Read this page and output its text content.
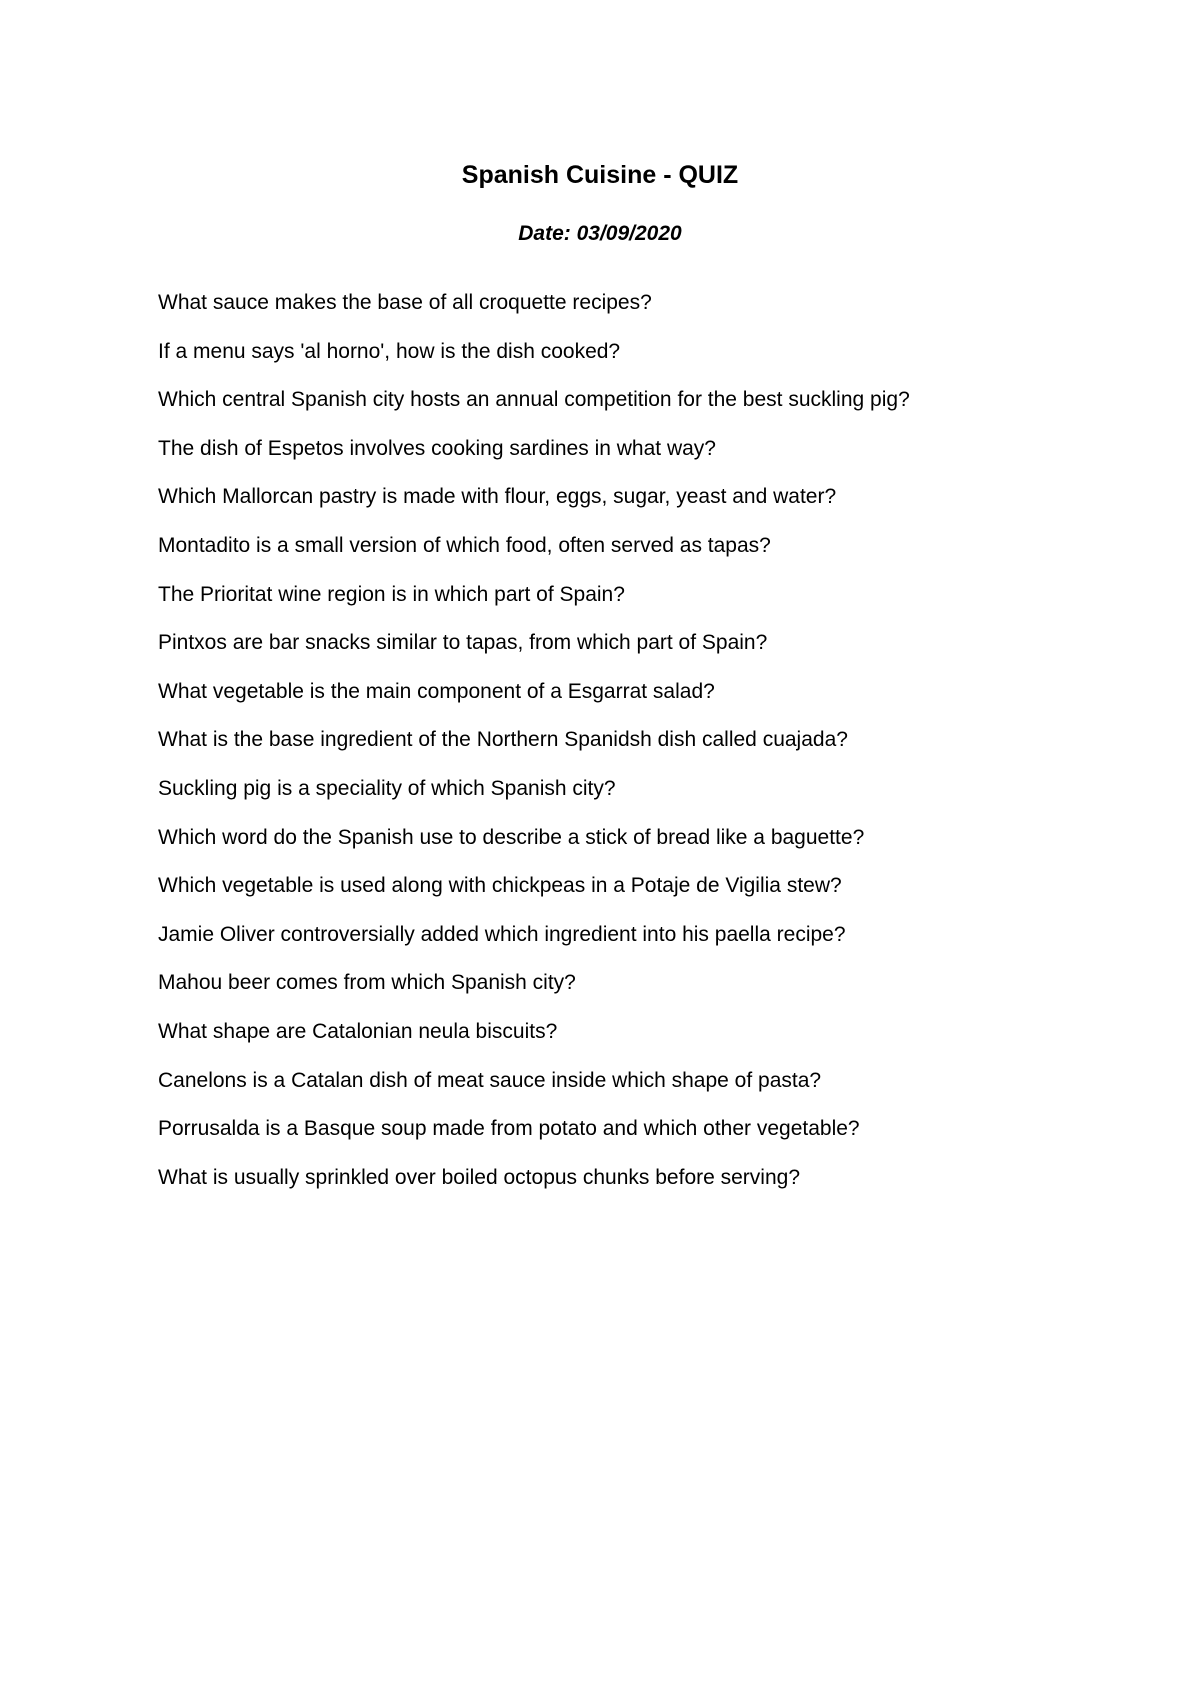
Spanish Cuisine - QUIZ
Date: 03/09/2020
What sauce makes the base of all croquette recipes?
If a menu says 'al horno', how is the dish cooked?
Which central Spanish city hosts an annual competition for the best suckling pig?
The dish of Espetos involves cooking sardines in what way?
Which Mallorcan pastry is made with flour, eggs, sugar, yeast and water?
Montadito is a small version of which food, often served as tapas?
The Prioritat wine region is in which part of Spain?
Pintxos are bar snacks similar to tapas, from which part of Spain?
What vegetable is the main component of a Esgarrat salad?
What is the base ingredient of the Northern Spanidsh dish called cuajada?
Suckling pig is a speciality of which Spanish city?
Which word do the Spanish use to describe a stick of bread like a baguette?
Which vegetable is used along with chickpeas in a Potaje de Vigilia stew?
Jamie Oliver controversially added which ingredient into his paella recipe?
Mahou beer comes from which Spanish city?
What shape are Catalonian neula biscuits?
Canelons is a Catalan dish of meat sauce inside which shape of pasta?
Porrusalda is a Basque soup made from potato and which other vegetable?
What is usually sprinkled over boiled octopus chunks before serving?
